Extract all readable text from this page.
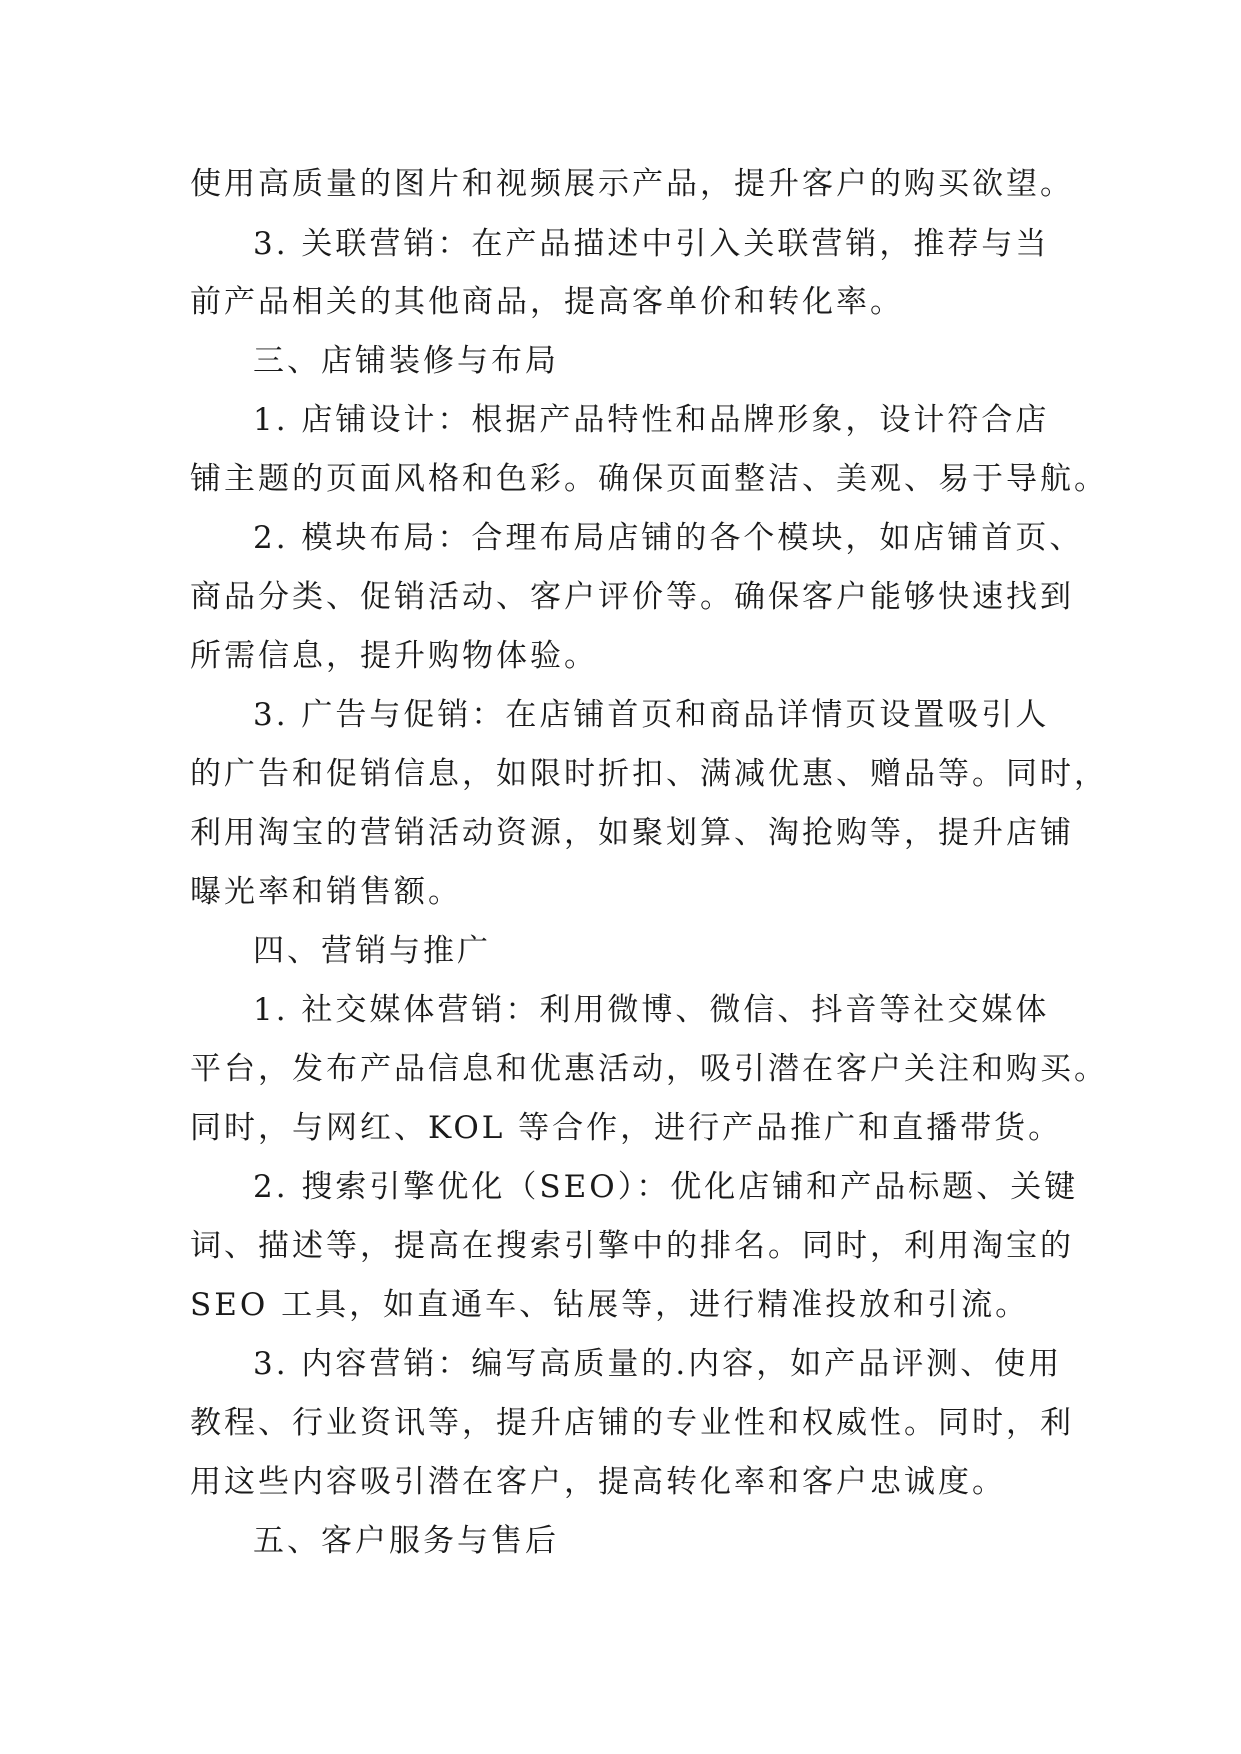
使用高质量的图片和视频展示产品，提升客户的购买欲望。

3. 关联营销：在产品描述中引入关联营销，推荐与当

前产品相关的其他商品，提高客单价和转化率。

三、店铺装修与布局

1. 店铺设计：根据产品特性和品牌形象，设计符合店

铺主题的页面风格和色彩。确保页面整洁、美观、易于导航。

2. 模块布局：合理布局店铺的各个模块，如店铺首页、

商品分类、促销活动、客户评价等。确保客户能够快速找到

所需信息，提升购物体验。

3. 广告与促销：在店铺首页和商品详情页设置吸引人

的广告和促销信息，如限时折扣、满减优惠、赠品等。同时，

利用淘宝的营销活动资源，如聚划算、淘抢购等，提升店铺

曝光率和销售额。

四、营销与推广

1. 社交媒体营销：利用微博、微信、抖音等社交媒体

平台，发布产品信息和优惠活动，吸引潜在客户关注和购买。

同时，与网红、KOL 等合作，进行产品推广和直播带货。

2. 搜索引擎优化（SEO）：优化店铺和产品标题、关键

词、描述等，提高在搜索引擎中的排名。同时，利用淘宝的

SEO 工具，如直通车、钻展等，进行精准投放和引流。

3. 内容营销：编写高质量的.内容，如产品评测、使用

教程、行业资讯等，提升店铺的专业性和权威性。同时，利

用这些内容吸引潜在客户，提高转化率和客户忠诚度。

五、客户服务与售后
